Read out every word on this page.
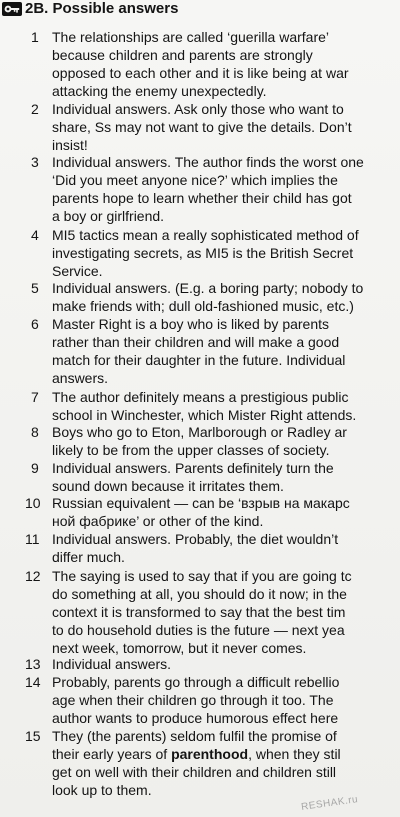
2B. Possible answers
1 The relationships are called ‘guerilla warfare’
because children and parents are strongly
opposed to each other and it is like being at war
attacking the enemy unexpectedly.
2 Individual answers. Ask only those who want to
share, Ss may not want to give the details. Don’t
insist!
3 Individual answers. The author finds the worst one
‘Did you meet anyone nice?’ which implies the
parents hope to learn whether their child has got
a boy or girlfriend.
4 MI5 tactics mean a really sophisticated method of
investigating secrets, as MI5 is the British Secret
Service.
5 Individual answers. (E.g. a boring party; nobody to
make friends with; dull old-fashioned music, etc.)
6 Master Right is a boy who is liked by parents
rather than their children and will make a good
match for their daughter in the future. Individual
answers.
7 The author definitely means a prestigious public
school in Winchester, which Mister Right attends.
8 Boys who go to Eton, Marlborough or Radley ar
likely to be from the upper classes of society.
9 Individual answers. Parents definitely turn the
sound down because it irritates them.
10 Russian equivalent — can be ‘взрыв на макарс
ной фабрике’ or other of the kind.
11 Individual answers. Probably, the diet wouldn’t
differ much.
12 The saying is used to say that if you are going tc
do something at all, you should do it now; in the
context it is transformed to say that the best tim
to do household duties is the future — next yea
next week, tomorrow, but it never comes.
13 Individual answers.
14 Probably, parents go through a difficult rebellio
age when their children go through it too. The
author wants to produce humorous effect here
15 They (the parents) seldom fulfil the promise of
their early years of parenthood, when they stil
get on well with their children and children still
look up to them.
RESHAK.ru
